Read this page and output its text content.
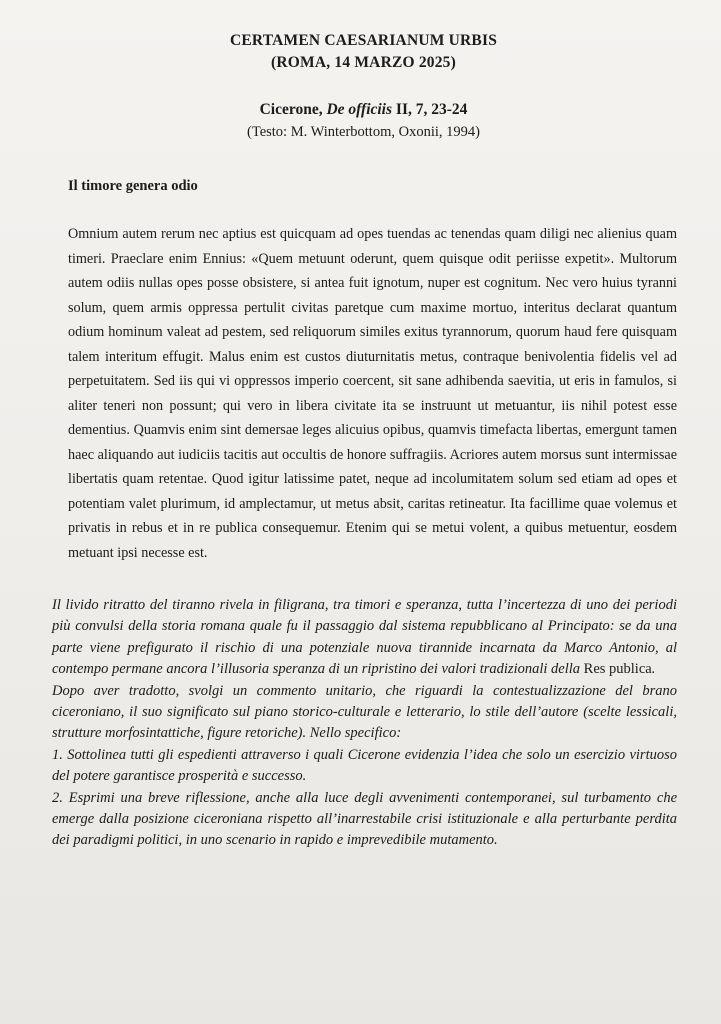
CERTAMEN CAESARIANUM URBIS
(ROMA, 14 MARZO 2025)
Cicerone, De officiis II, 7, 23-24
(Testo: M. Winterbottom, Oxonii, 1994)
Il timore genera odio
Omnium autem rerum nec aptius est quicquam ad opes tuendas ac tenendas quam diligi nec alienius quam timeri. Praeclare enim Ennius: «Quem metuunt oderunt, quem quisque odit periisse expetit». Multorum autem odiis nullas opes posse obsistere, si antea fuit ignotum, nuper est cognitum. Nec vero huius tyranni solum, quem armis oppressa pertulit civitas paretque cum maxime mortuo, interitus declarat quantum odium hominum valeat ad pestem, sed reliquorum similes exitus tyrannorum, quorum haud fere quisquam talem interitum effugit. Malus enim est custos diuturnitatis metus, contraque benivolentia fidelis vel ad perpetuitatem. Sed iis qui vi oppressos imperio coercent, sit sane adhibenda saevitia, ut eris in famulos, si aliter teneri non possunt; qui vero in libera civitate ita se instruunt ut metuantur, iis nihil potest esse dementius. Quamvis enim sint demersae leges alicuius opibus, quamvis timefacta libertas, emergunt tamen haec aliquando aut iudiciis tacitis aut occultis de honore suffragiis. Acriores autem morsus sunt intermissae libertatis quam retentae. Quod igitur latissime patet, neque ad incolumitatem solum sed etiam ad opes et potentiam valet plurimum, id amplectamur, ut metus absit, caritas retineatur. Ita facillime quae volemus et privatis in rebus et in re publica consequemur. Etenim qui se metui volent, a quibus metuentur, eosdem metuant ipsi necesse est.

Il livido ritratto del tiranno rivela in filigrana, tra timori e speranza, tutta l’incertezza di uno dei periodi più convulsi della storia romana quale fu il passaggio dal sistema repubblicano al Principato: se da una parte viene prefigurato il rischio di una potenziale nuova tirannide incarnata da Marco Antonio, al contempo permane ancora l’illusoria speranza di un ripristino dei valori tradizionali della Res publica.

Dopo aver tradotto, svolgi un commento unitario, che riguardi la contestualizzazione del brano ciceroniano, il suo significato sul piano storico-culturale e letterario, lo stile dell’autore (scelte lessicali, strutture morfosintattiche, figure retoriche). Nello specifico:

1. Sottolinea tutti gli espedienti attraverso i quali Cicerone evidenzia l’idea che solo un esercizio virtuoso del potere garantisce prosperità e successo.

2. Esprimi una breve riflessione, anche alla luce degli avvenimenti contemporanei, sul turbamento che emerge dalla posizione ciceroniana rispetto all’inarrestabile crisi istituzionale e alla perturbante perdita dei paradigmi politici, in uno scenario in rapido e imprevedibile mutamento.
